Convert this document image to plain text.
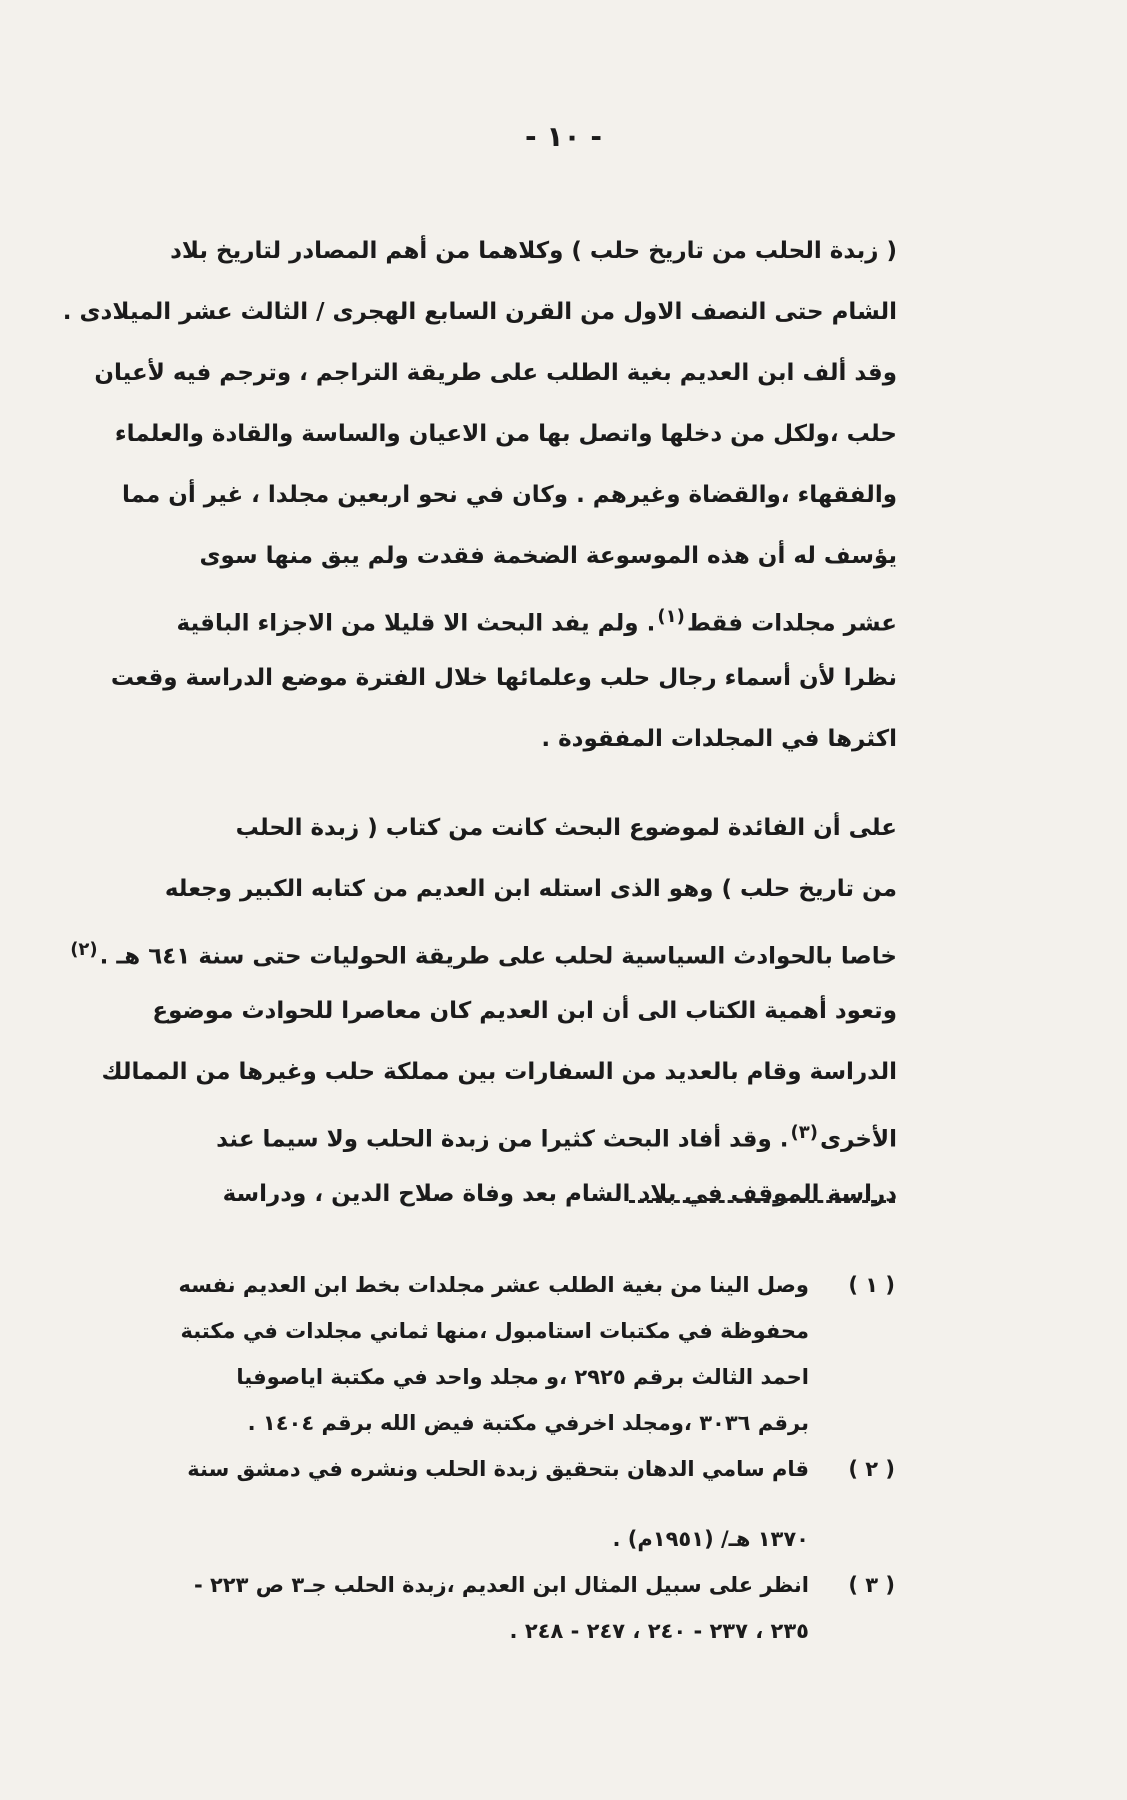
- ١٠ -
( زبدة الحلب من تاريخ حلب ) وكلاهما من أهم المصادر لتاريخ بلاد
الشام حتى النصف الاول من القرن السابع الهجرى / الثالث عشر الميلادى .
وقد ألف ابن العديم بغية الطلب على طريقة التراجم ، وترجم فيه لأعيان
حلب ،ولكل من دخلها واتصل بها من الاعيان والساسة والقادة والعلماء
والفقهاء ،والقضاة وغيرهم . وكان في نحو اربعين مجلدا ، غير أن مما
يؤسف له أن هذه الموسوعة الضخمة فقدت ولم يبق منها سوى
عشر مجلدات فقط$^{(١)}$. ولم يفد البحث الا قليلا من الاجزاء الباقية
نظرا لأن أسماء رجال حلب وعلمائها خلال الفترة موضع الدراسة وقعت
اكثرها في المجلدات المفقودة .
على أن الفائدة لموضوع البحث كانت من كتاب ( زبدة الحلب
من تاريخ حلب ) وهو الذى استله ابن العديم من كتابه الكبير وجعله
خاصا بالحوادث السياسية لحلب على طريقة الحوليات حتى سنة ٦٤١ هـ .$^{(٢)}$
وتعود أهمية الكتاب الى أن ابن العديم كان معاصرا للحوادث موضوع
الدراسة وقام بالعديد من السفارات بين مملكة حلب وغيرها من الممالك
الأخرى$^{(٣)}$. وقد أفاد البحث كثيرا من زبدة الحلب ولا سيما عند
دراسة الموقف في بلاد الشام بعد وفاة صلاح الدين ، ودراسة
( ١ )
وصل الينا من بغية الطلب عشر مجلدات بخط ابن العديم نفسه
محفوظة في مكتبات استامبول ،منها ثماني مجلدات في مكتبة
احمد الثالث برقم ٢٩٢٥ ،و مجلد واحد في مكتبة اياصوفيا
برقم ٣٠٣٦ ،ومجلد اخرفي مكتبة فيض الله برقم ١٤٠٤ .
( ٢ )
قام سامي الدهان بتحقيق زبدة الحلب ونشره في دمشق سنة
١٣٧٠ هـ/ (١٩٥١م) .
( ٣ )
انظر على سبيل المثال ابن العديم ،زبدة الحلب جـ٣ ص ٢٢٣ -
٢٣٥ ، ٢٣٧ - ٢٤٠ ، ٢٤٧ - ٢٤٨ .
